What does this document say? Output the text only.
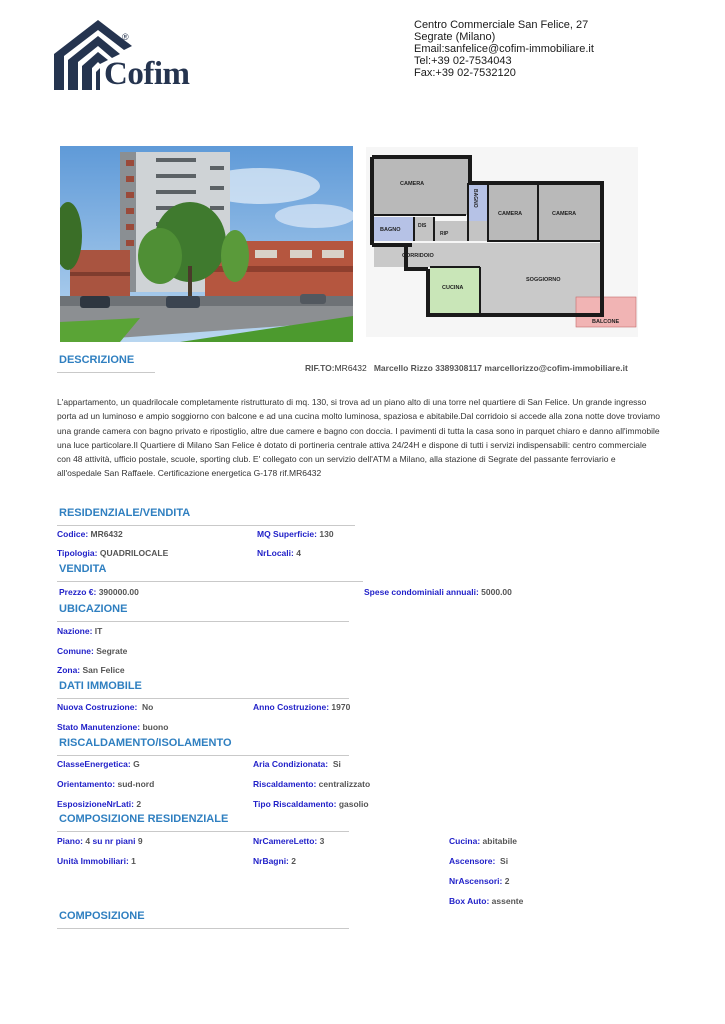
®
Cofim
Centro Commerciale San Felice, 27
Segrate (Milano)
Email:sanfelice@cofim-immobiliare.it
Tel:+39 02-7534043
Fax:+39 02-7532120
CAMERA
BAGNO
CAMERA	CAMERA
DIS
BAGNO
RIP
CORRIDOIO
SOGGIORNO
CUCINA
BALCONE
DESCRIZIONE
RIF.TO:MR6432 Marcello Rizzo 3389308117 marcellorizzo@cofim-immobiliare.it
L'appartamento, un quadrilocale completamente ristrutturato di mq. 130, si trova ad un piano alto di una torre nel quartiere di San Felice. Un grande ingresso porta ad un luminoso e ampio soggiorno con balcone e ad una cucina molto luminosa, spaziosa e abitabile.Dal corridoio si accede alla zona notte dove troviamo una grande camera con bagno privato e ripostiglio, altre due camere e bagno con doccia. I pavimenti di tutta la casa sono in parquet chiaro e danno all'immobile una luce particolare.Il Quartiere di Milano San Felice è dotato di portineria centrale attiva 24/24H e dispone di tutti i servizi indispensabili: centro commerciale con 48 attività, ufficio postale, scuole, sporting club. E' collegato con un servizio dell'ATM a Milano, alla stazione di Segrate del passante ferroviario e all'ospedale San Raffaele. Certificazione energetica G-178 rif.MR6432
RESIDENZIALE/VENDITA
Codice: MR6432	MQ Superficie: 130
Tipologia: QUADRILOCALE	NrLocali: 4
VENDITA
Prezzo €: 390000.00	Spese condominiali annuali: 5000.00
UBICAZIONE
Nazione: IT
Comune: Segrate
Zona: San Felice
DATI IMMOBILE
Nuova Costruzione: No	Anno Costruzione: 1970
Stato Manutenzione: buono
RISCALDAMENTO/ISOLAMENTO
ClasseEnergetica: G	Aria Condizionata: Si
Orientamento: sud-nord	Riscaldamento: centralizzato
EsposizioneNrLati: 2	Tipo Riscaldamento: gasolio
COMPOSIZIONE RESIDENZIALE
Piano: 4 su nr piani 9	NrCamereLetto: 3	Cucina: abitabile
Unità Immobiliari: 1	NrBagni: 2	Ascensore: Si
NrAscensori: 2
Box Auto: assente
COMPOSIZIONE
